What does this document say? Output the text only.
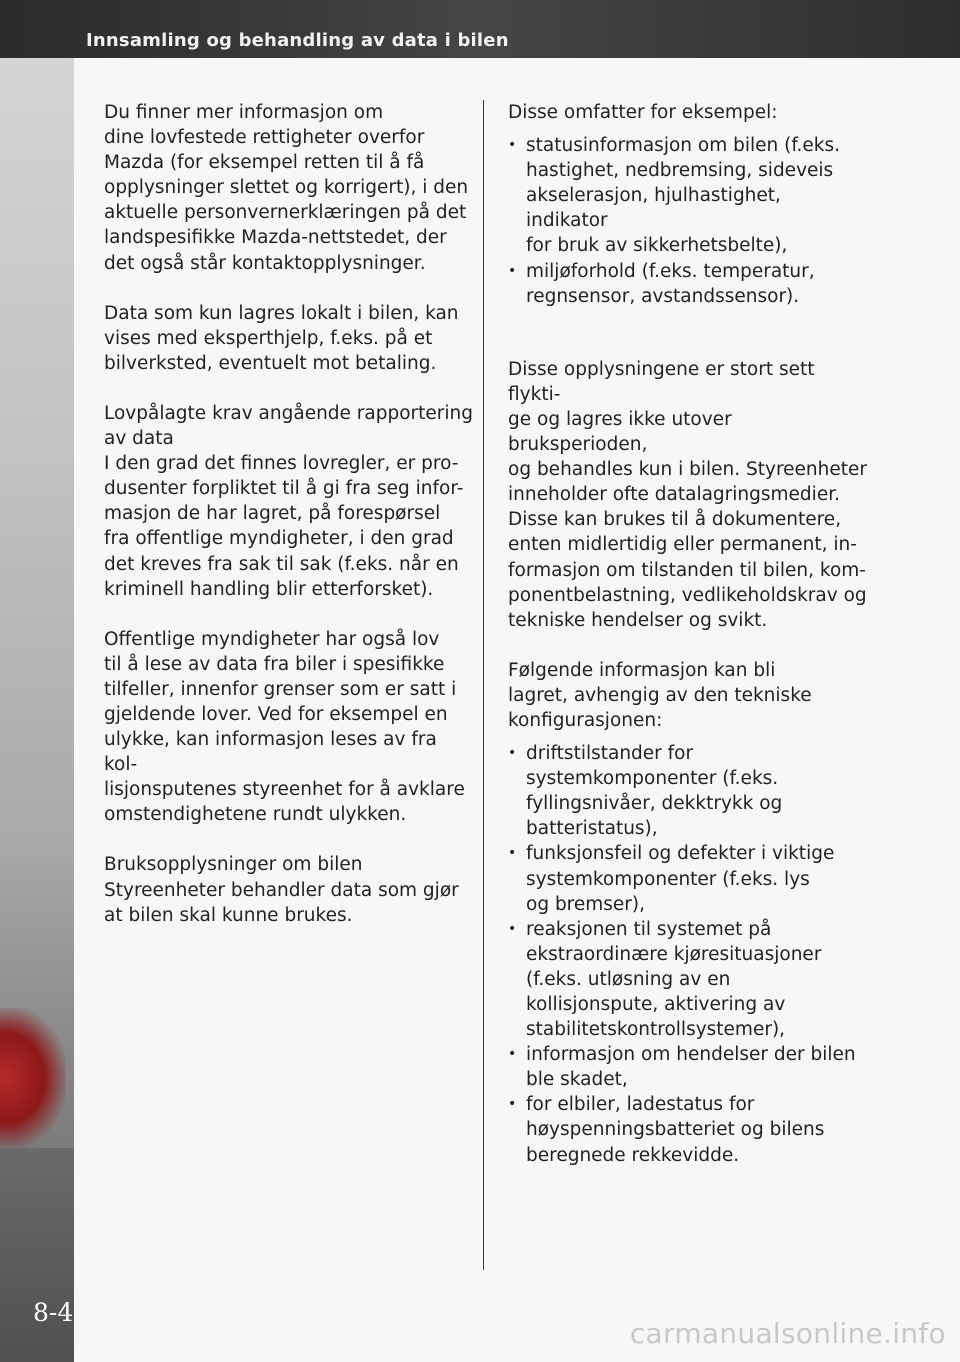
Innsamling og behandling av data i bilen
8-4

Du finner mer informasjon om
dine lovfestede rettigheter overfor
Mazda (for eksempel retten til å få
opplysninger slettet og korrigert), i den
aktuelle personvernerklæringen på det
landspesifikke Mazda-nettstedet, der
det også står kontaktopplysninger.

Data som kun lagres lokalt i bilen, kan
vises med eksperthjelp, f.eks. på et
bilverksted, eventuelt mot betaling.

Lovpålagte krav angående rapportering
av data
I den grad det finnes lovregler, er pro-
dusenter forpliktet til å gi fra seg infor-
masjon de har lagret, på forespørsel
fra offentlige myndigheter, i den grad
det kreves fra sak til sak (f.eks. når en
kriminell handling blir etterforsket).

Offentlige myndigheter har også lov
til å lese av data fra biler i spesifikke
tilfeller, innenfor grenser som er satt i
gjeldende lover. Ved for eksempel en
ulykke, kan informasjon leses av fra kol-
lisjonsputenes styreenhet for å avklare
omstendighetene rundt ulykken.

Bruksopplysninger om bilen
Styreenheter behandler data som gjør
at bilen skal kunne brukes.

Disse omfatter for eksempel:

• statusinformasjon om bilen (f.eks.
hastighet, nedbremsing, sideveis
akselerasjon, hjulhastighet, indikator
for bruk av sikkerhetsbelte),
• miljøforhold (f.eks. temperatur,
regnsensor, avstandssensor).

Disse opplysningene er stort sett flykti-
ge og lagres ikke utover bruksperioden,
og behandles kun i bilen. Styreenheter
inneholder ofte datalagringsmedier.
Disse kan brukes til å dokumentere,
enten midlertidig eller permanent, in-
formasjon om tilstanden til bilen, kom-
ponentbelastning, vedlikeholdskrav og
tekniske hendelser og svikt.

Følgende informasjon kan bli
lagret, avhengig av den tekniske
konfigurasjonen:

• driftstilstander for
systemkomponenter (f.eks.
fyllingsnivåer, dekktrykk og
batteristatus),
• funksjonsfeil og defekter i viktige
systemkomponenter (f.eks. lys
og bremser),
• reaksjonen til systemet på
ekstraordinære kjøresituasjoner
(f.eks. utløsning av en
kollisjonspute, aktivering av
stabilitetskontrollsystemer),
• informasjon om hendelser der bilen
ble skadet,
• for elbiler, ladestatus for
høyspenningsbatteriet og bilens
beregnede rekkevidde.
carmanualsonline.info
